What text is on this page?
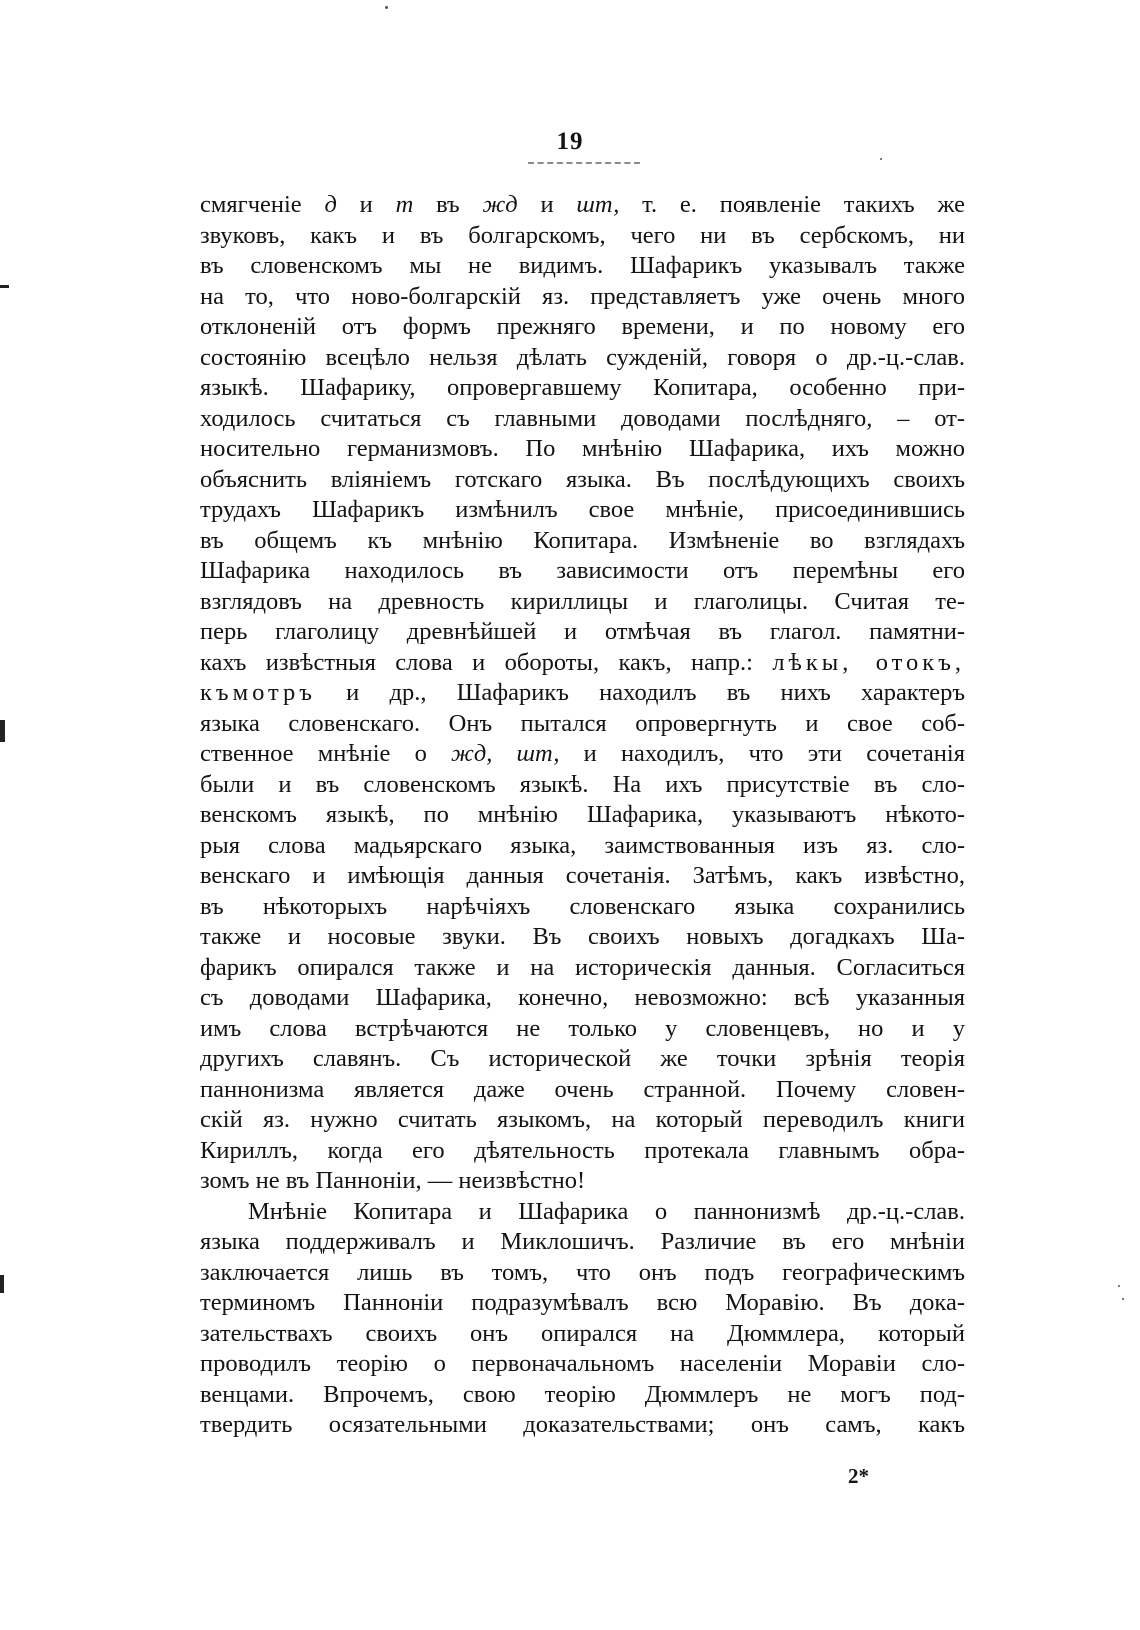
19
смягченіе д и т въ жд и шт, т. е. появленіе такихъ же
звуковъ, какъ и въ болгарскомъ, чего ни въ сербскомъ, ни
въ словенскомъ мы не видимъ. Шафарикъ указывалъ также
на то, что ново-болгарскій яз. представляетъ уже очень много
отклоненій отъ формъ прежняго времени, и по новому его
состоянію всецѣло нельзя дѣлать сужденій, говоря о др.-ц.-слав.
языкѣ. Шафарику, опровергавшему Копитара, особенно при-
ходилось считаться съ главными доводами послѣдняго, – от-
носительно германизмовъ. По мнѣнію Шафарика, ихъ можно
объяснить вліяніемъ готскаго языка. Въ послѣдующихъ своихъ
трудахъ Шафарикъ измѣнилъ свое мнѣніе, присоединившись
въ общемъ къ мнѣнію Копитара. Измѣненіе во взглядахъ
Шафарика находилось въ зависимости отъ перемѣны его
взглядовъ на древность кириллицы и глаголицы. Считая те-
перь глаголицу древнѣйшей и отмѣчая въ глагол. памятни-
кахъ извѣстныя слова и обороты, какъ, напр.: лѣкы, отокъ,
къмотръ и др., Шафарикъ находилъ въ нихъ характеръ
языка словенскаго. Онъ пытался опровергнуть и свое соб-
ственное мнѣніе о жд, шт, и находилъ, что эти сочетанія
были и въ словенскомъ языкѣ. На ихъ присутствіе въ сло-
венскомъ языкѣ, по мнѣнію Шафарика, указываютъ нѣкото-
рыя слова мадьярскаго языка, заимствованныя изъ яз. сло-
венскаго и имѣющія данныя сочетанія. Затѣмъ, какъ извѣстно,
въ нѣкоторыхъ нарѣчіяхъ словенскаго языка сохранились
также и носовые звуки. Въ своихъ новыхъ догадкахъ Ша-
фарикъ опирался также и на историческія данныя. Согласиться
съ доводами Шафарика, конечно, невозможно: всѣ указанныя
имъ слова встрѣчаются не только у словенцевъ, но и у
другихъ славянъ. Съ исторической же точки зрѣнія теорія
паннонизма является даже очень странной. Почему словен-
скій яз. нужно считать языкомъ, на который переводилъ книги
Кириллъ, когда его дѣятельность протекала главнымъ обра-
зомъ не въ Панноніи, — неизвѣстно!
Мнѣніе Копитара и Шафарика о паннонизмѣ др.-ц.-слав.
языка поддерживалъ и Миклошичъ. Различие въ его мнѣніи
заключается лишь въ томъ, что онъ подъ географическимъ
терминомъ Панноніи подразумѣвалъ всю Моравію. Въ дока-
зательствахъ своихъ онъ опирался на Дюммлера, который
проводилъ теорію о первоначальномъ населеніи Моравіи сло-
венцами. Впрочемъ, свою теорію Дюммлеръ не могъ под-
твердить осязательными доказательствами; онъ самъ, какъ
2*
